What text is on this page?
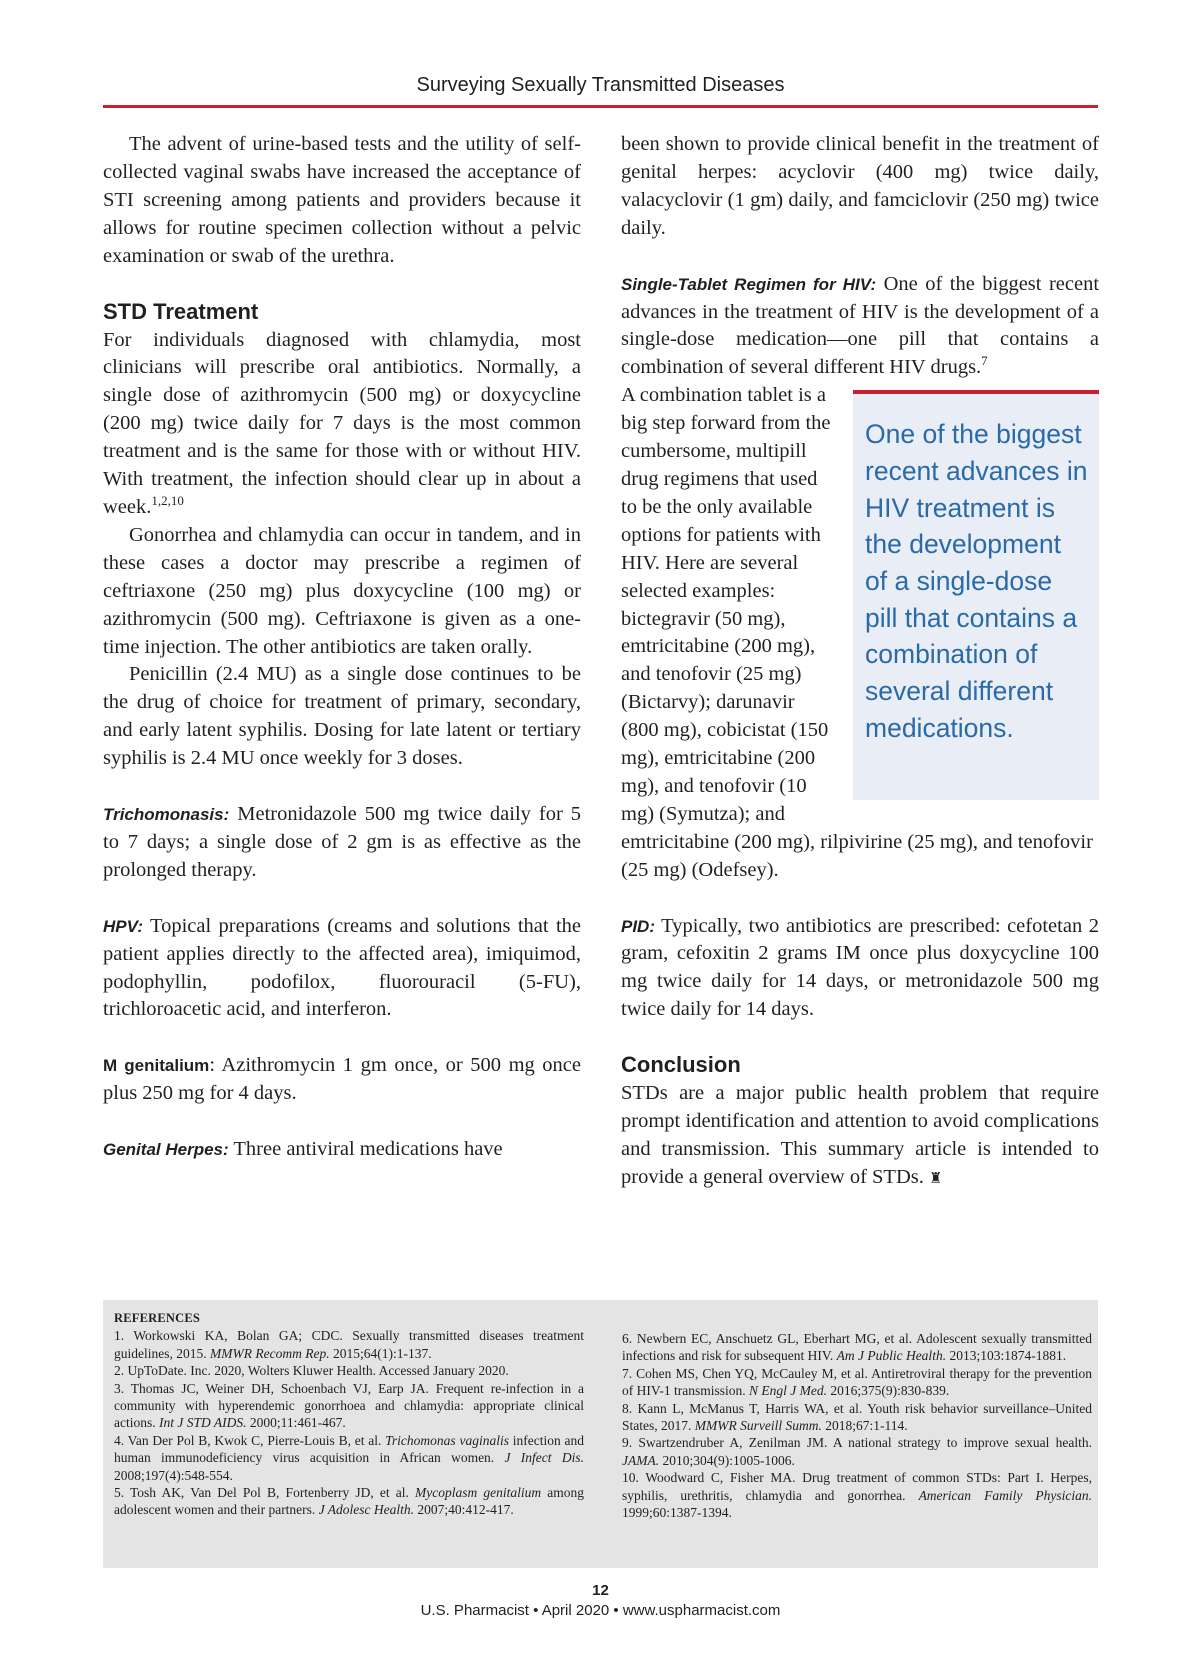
Surveying Sexually Transmitted Diseases

The advent of urine-based tests and the utility of self-collected vaginal swabs have increased the acceptance of STI screening among patients and providers because it allows for routine specimen collection without a pelvic examination or swab of the urethra.

STD Treatment

For individuals diagnosed with chlamydia, most clinicians will prescribe oral antibiotics. Normally, a single dose of azithromycin (500 mg) or doxycycline (200 mg) twice daily for 7 days is the most common treatment and is the same for those with or without HIV. With treatment, the infection should clear up in about a week.$^{1,2,10}$

Gonorrhea and chlamydia can occur in tandem, and in these cases a doctor may prescribe a regimen of ceftriaxone (250 mg) plus doxycycline (100 mg) or azithromycin (500 mg). Ceftriaxone is given as a one-time injection. The other antibiotics are taken orally.

Penicillin (2.4 MU) as a single dose continues to be the drug of choice for treatment of primary, secondary, and early latent syphilis. Dosing for late latent or tertiary syphilis is 2.4 MU once weekly for 3 doses.

Trichomonasis: Metronidazole 500 mg twice daily for 5 to 7 days; a single dose of 2 gm is as effective as the prolonged therapy.

HPV: Topical preparations (creams and solutions that the patient applies directly to the affected area), imiquimod, podophyllin, podofilox, fluorouracil (5-FU), trichloroacetic acid, and interferon.

M genitalium: Azithromycin 1 gm once, or 500 mg once plus 250 mg for 4 days.

Genital Herpes: Three antiviral medications have

been shown to provide clinical benefit in the treatment of genital herpes: acyclovir (400 mg) twice daily, valacyclovir (1 gm) daily, and famciclovir (250 mg) twice daily.

Single-Tablet Regimen for HIV: One of the biggest recent advances in the treatment of HIV is the development of a single-dose medication—one pill that contains a combination of several different HIV drugs.$^7$

One of the biggest recent advances in HIV treatment is the development of a single-dose pill that contains a combination of several different medications.
A combination tablet is a big step forward from the cumbersome, multipill drug regimens that used to be the only available options for patients with HIV. Here are several selected examples: bictegravir (50 mg), emtricitabine (200 mg), and tenofovir (25 mg) (Bictarvy); darunavir (800 mg), cobicistat (150 mg), emtricitabine (200 mg), and tenofovir (10 mg) (Symutza); and emtricitabine (200 mg), rilpivirine (25 mg), and tenofovir (25 mg) (Odefsey).

PID: Typically, two antibiotics are prescribed: cefotetan 2 gram, cefoxitin 2 grams IM once plus doxycycline 100 mg twice daily for 14 days, or metronidazole 500 mg twice daily for 14 days.

Conclusion

STDs are a major public health problem that require prompt identification and attention to avoid complications and transmission. This summary article is intended to provide a general overview of STDs. ♜

REFERENCES

1. Workowski KA, Bolan GA; CDC. Sexually transmitted diseases treatment guidelines, 2015. MMWR Recomm Rep. 2015;64(1):1-137.

2. UpToDate. Inc. 2020, Wolters Kluwer Health. Accessed January 2020.

3. Thomas JC, Weiner DH, Schoenbach VJ, Earp JA. Frequent re-infection in a community with hyperendemic gonorrhoea and chlamydia: appropriate clinical actions. Int J STD AIDS. 2000;11:461-467.

4. Van Der Pol B, Kwok C, Pierre-Louis B, et al. Trichomonas vaginalis infection and human immunodeficiency virus acquisition in African women. J Infect Dis. 2008;197(4):548-554.

5. Tosh AK, Van Del Pol B, Fortenberry JD, et al. Mycoplasm genitalium among adolescent women and their partners. J Adolesc Health. 2007;40:412-417.

6. Newbern EC, Anschuetz GL, Eberhart MG, et al. Adolescent sexually transmitted infections and risk for subsequent HIV. Am J Public Health. 2013;103:1874-1881.

7. Cohen MS, Chen YQ, McCauley M, et al. Antiretroviral therapy for the prevention of HIV-1 transmission. N Engl J Med. 2016;375(9):830-839.

8. Kann L, McManus T, Harris WA, et al. Youth risk behavior surveillance–United States, 2017. MMWR Surveill Summ. 2018;67:1-114.

9. Swartzendruber A, Zenilman JM. A national strategy to improve sexual health. JAMA. 2010;304(9):1005-1006.

10. Woodward C, Fisher MA. Drug treatment of common STDs: Part I. Herpes, syphilis, urethritis, chlamydia and gonorrhea. American Family Physician. 1999;60:1387-1394.

12
U.S. Pharmacist • April 2020 • www.uspharmacist.com
